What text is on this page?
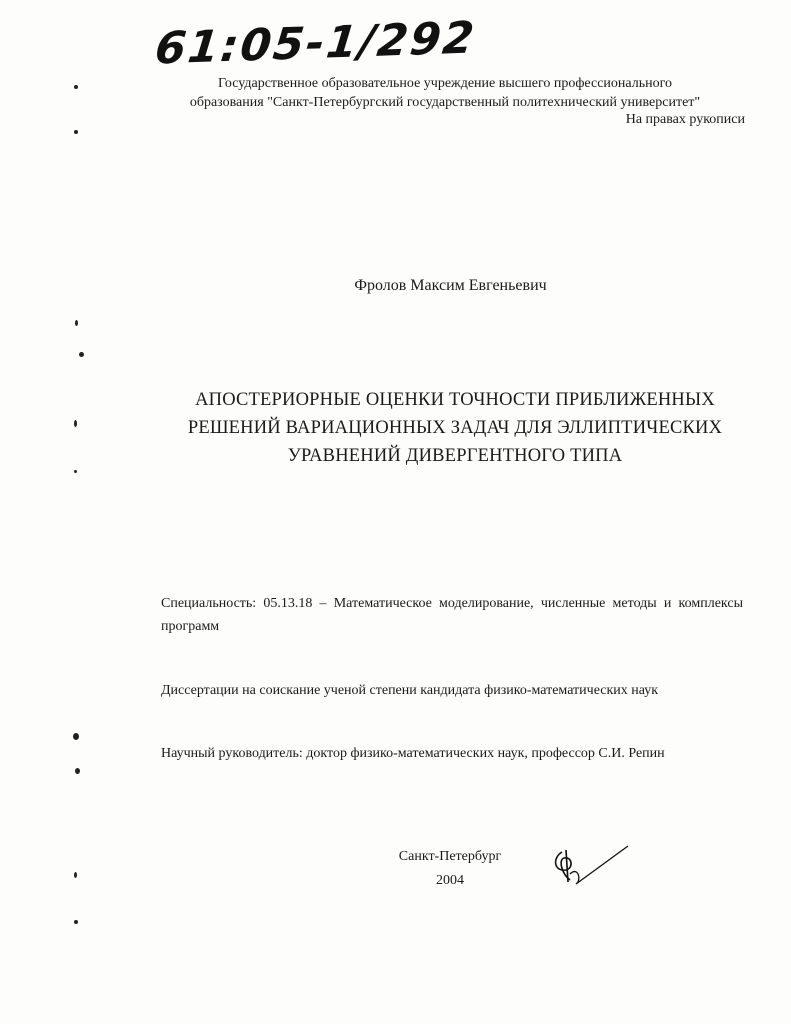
61:05-1/292
Государственное образовательное учреждение высшего профессионального
образования "Санкт-Петербургский государственный политехнический университет"
На правах рукописи
Фролов Максим Евгеньевич
АПОСТЕРИОРНЫЕ ОЦЕНКИ ТОЧНОСТИ ПРИБЛИЖЕННЫХ
РЕШЕНИЙ ВАРИАЦИОННЫХ ЗАДАЧ ДЛЯ ЭЛЛИПТИЧЕСКИХ
УРАВНЕНИЙ ДИВЕРГЕНТНОГО ТИПА
Специальность: 05.13.18 – Математическое моделирование, численные методы и комплексы программ
Диссертации на соискание ученой степени кандидата физико-математических наук
Научный руководитель: доктор физико-математических наук, профессор С.И. Репин
Санкт-Петербург
2004
